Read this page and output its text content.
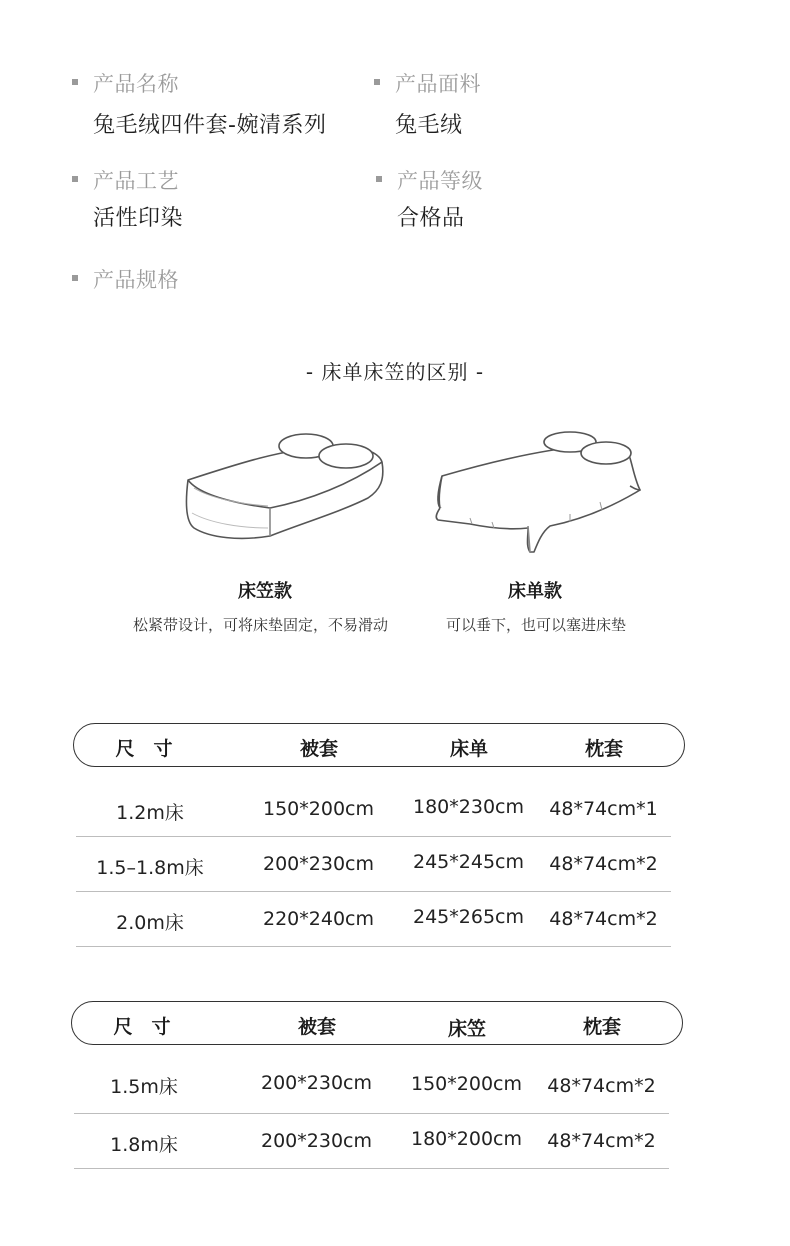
产品名称
兔毛绒四件套-婉清系列
产品面料
兔毛绒
产品工艺
活性印染
产品等级
合格品
产品规格
- 床单床笠的区别 -
床笠款
松紧带设计，可将床垫固定，不易滑动
床单款
可以垂下，也可以塞进床垫
尺　寸	被套	床单	枕套
1.2m床	150*200cm	180*230cm	48*74cm*1
1.5–1.8m床	200*230cm	245*245cm	48*74cm*2
2.0m床	220*240cm	245*265cm	48*74cm*2
尺　寸	被套	床笠	枕套
1.5m床	200*230cm	150*200cm	48*74cm*2
1.8m床	200*230cm	180*200cm	48*74cm*2
